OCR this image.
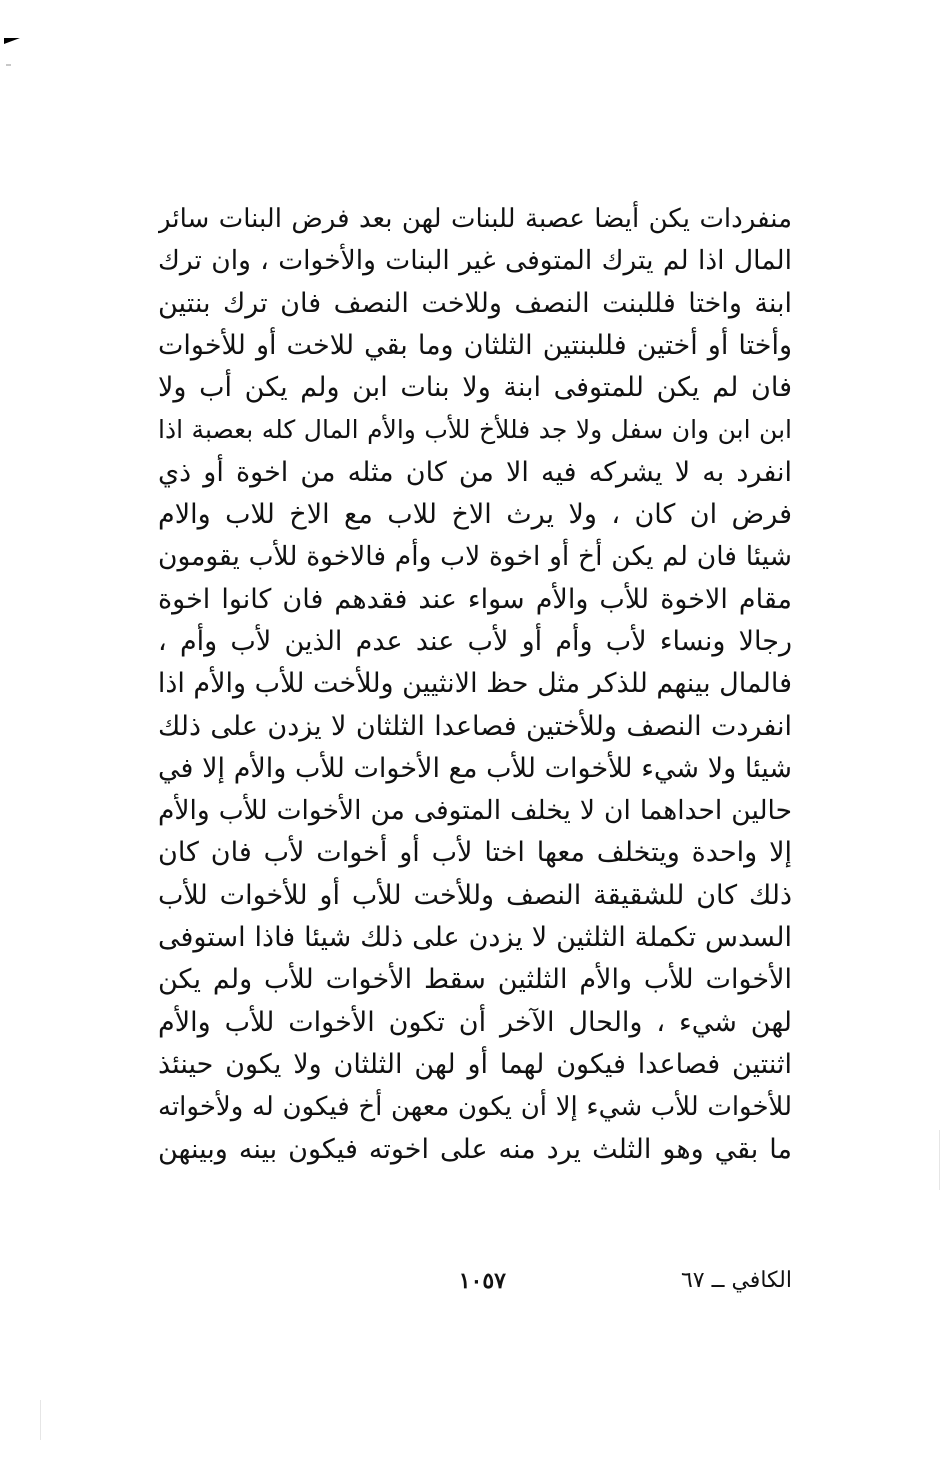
منفردات يكن أيضا عصبة للبنات لهن بعد فرض البنات سائر
المال اذا لم يترك المتوفى غير البنات والأخوات ، وان ترك
ابنة واختا فللبنت النصف وللاخت النصف فان ترك بنتين
وأختا أو أختين فللبنتين الثلثان وما بقي للاخت أو للأخوات
فان لم يكن للمتوفى ابنة ولا بنات ابن ولم يكن أب ولا
ابن ابن وان سفل ولا جد فللأخ للأب والأم المال كله بعصبة اذا
انفرد به لا يشركه فيه الا من كان مثله من اخوة أو ذي
فرض ان كان ، ولا يرث الاخ للاب مع الاخ للاب والام
شيئا فان لم يكن أخ أو اخوة لاب وأم فالاخوة للأب يقومون
مقام الاخوة للأب والأم سواء عند فقدهم فان كانوا اخوة
رجالا ونساء لأب وأم أو لأب عند عدم الذين لأب وأم ،
فالمال بينهم للذكر مثل حظ الانثيين وللأخت للأب والأم اذا
انفردت النصف وللأختين فصاعدا الثلثان لا يزدن على ذلك
شيئا ولا شيء للأخوات للأب مع الأخوات للأب والأم إلا في
حالين احداهما ان لا يخلف المتوفى من الأخوات للأب والأم
إلا واحدة ويتخلف معها اختا لأب أو أخوات لأب فان كان
ذلك كان للشقيقة النصف وللأخت للأب أو للأخوات للأب
السدس تكملة الثلثين لا يزدن على ذلك شيئا فاذا استوفى
الأخوات للأب والأم الثلثين سقط الأخوات للأب ولم يكن
لهن شيء ، والحال الآخر أن تكون الأخوات للأب والأم
اثنتين فصاعدا فيكون لهما أو لهن الثلثان ولا يكون حينئذ
للأخوات للأب شيء إلا أن يكون معهن أخ فيكون له ولأخواته
ما بقي وهو الثلث يرد منه على اخوته فيكون بينه وبينهن
الكافي ــ ٦٧
١٠٥٧
